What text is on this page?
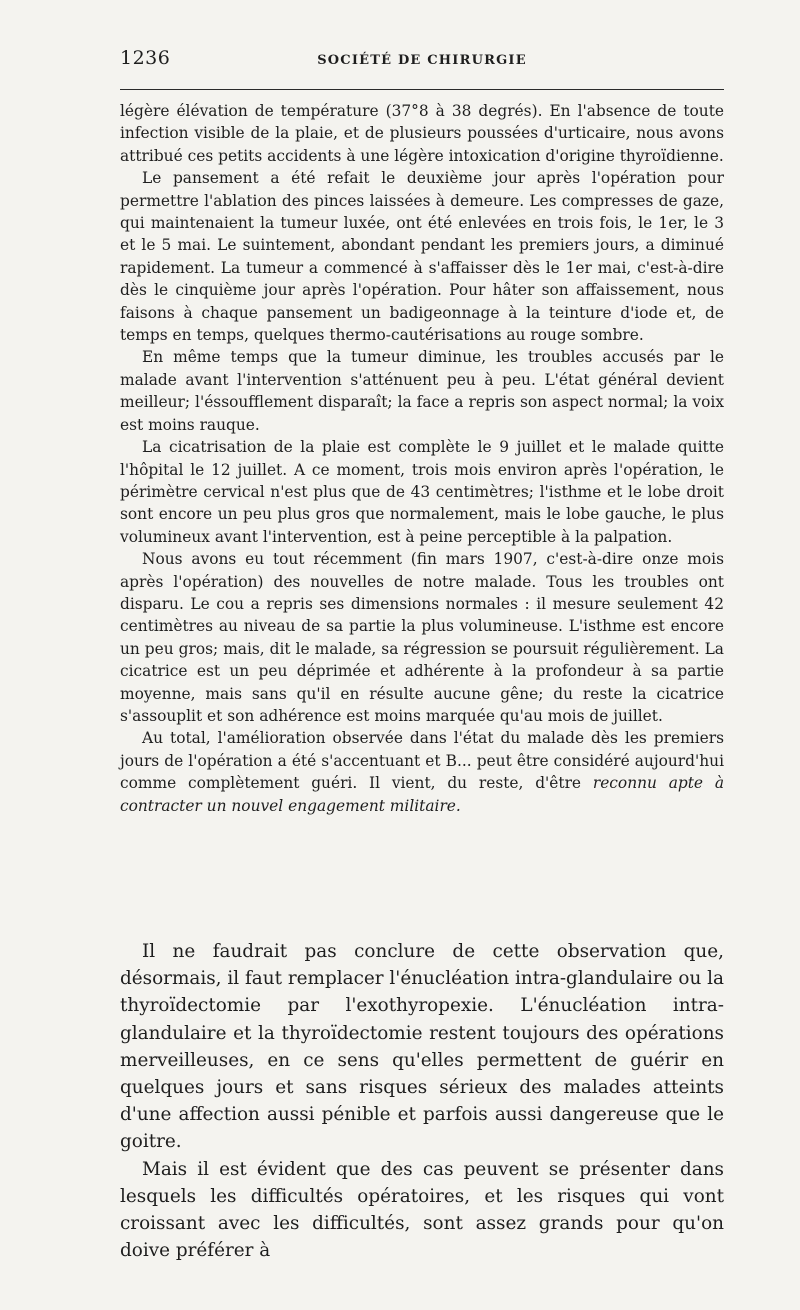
1236	SOCIÉTÉ DE CHIRURGIE

légère élévation de température (37°8 à 38 degrés). En l'absence de toute infection visible de la plaie, et de plusieurs poussées d'urticaire, nous avons attribué ces petits accidents à une légère intoxication d'origine thyroïdienne.

Le pansement a été refait le deuxième jour après l'opération pour permettre l'ablation des pinces laissées à demeure. Les compresses de gaze, qui maintenaient la tumeur luxée, ont été enlevées en trois fois, le 1er, le 3 et le 5 mai. Le suintement, abondant pendant les premiers jours, a diminué rapidement. La tumeur a commencé à s'affaisser dès le 1er mai, c'est-à-dire dès le cinquième jour après l'opération. Pour hâter son affaissement, nous faisons à chaque pansement un badigeonnage à la teinture d'iode et, de temps en temps, quelques thermo-cautérisations au rouge sombre.

En même temps que la tumeur diminue, les troubles accusés par le malade avant l'intervention s'atténuent peu à peu. L'état général devient meilleur; l'éssoufflement disparaît; la face a repris son aspect normal; la voix est moins rauque.

La cicatrisation de la plaie est complète le 9 juillet et le malade quitte l'hôpital le 12 juillet. A ce moment, trois mois environ après l'opération, le périmètre cervical n'est plus que de 43 centimètres; l'isthme et le lobe droit sont encore un peu plus gros que normalement, mais le lobe gauche, le plus volumineux avant l'intervention, est à peine perceptible à la palpation.

Nous avons eu tout récemment (fin mars 1907, c'est-à-dire onze mois après l'opération) des nouvelles de notre malade. Tous les troubles ont disparu. Le cou a repris ses dimensions normales : il mesure seulement 42 centimètres au niveau de sa partie la plus volumineuse. L'isthme est encore un peu gros; mais, dit le malade, sa régression se poursuit régulièrement. La cicatrice est un peu déprimée et adhérente à la profondeur à sa partie moyenne, mais sans qu'il en résulte aucune gêne; du reste la cicatrice s'assouplit et son adhérence est moins marquée qu'au mois de juillet.

Au total, l'amélioration observée dans l'état du malade dès les premiers jours de l'opération a été s'accentuant et B... peut être considéré aujourd'hui comme complètement guéri. Il vient, du reste, d'être reconnu apte à contracter un nouvel engagement militaire.

Il ne faudrait pas conclure de cette observation que, désormais, il faut remplacer l'énucléation intra-glandulaire ou la thyroïdectomie par l'exothyropexie. L'énucléation intra-glandulaire et la thyroïdectomie restent toujours des opérations merveilleuses, en ce sens qu'elles permettent de guérir en quelques jours et sans risques sérieux des malades atteints d'une affection aussi pénible et parfois aussi dangereuse que le goitre.

Mais il est évident que des cas peuvent se présenter dans lesquels les difficultés opératoires, et les risques qui vont croissant avec les difficultés, sont assez grands pour qu'on doive préférer à
